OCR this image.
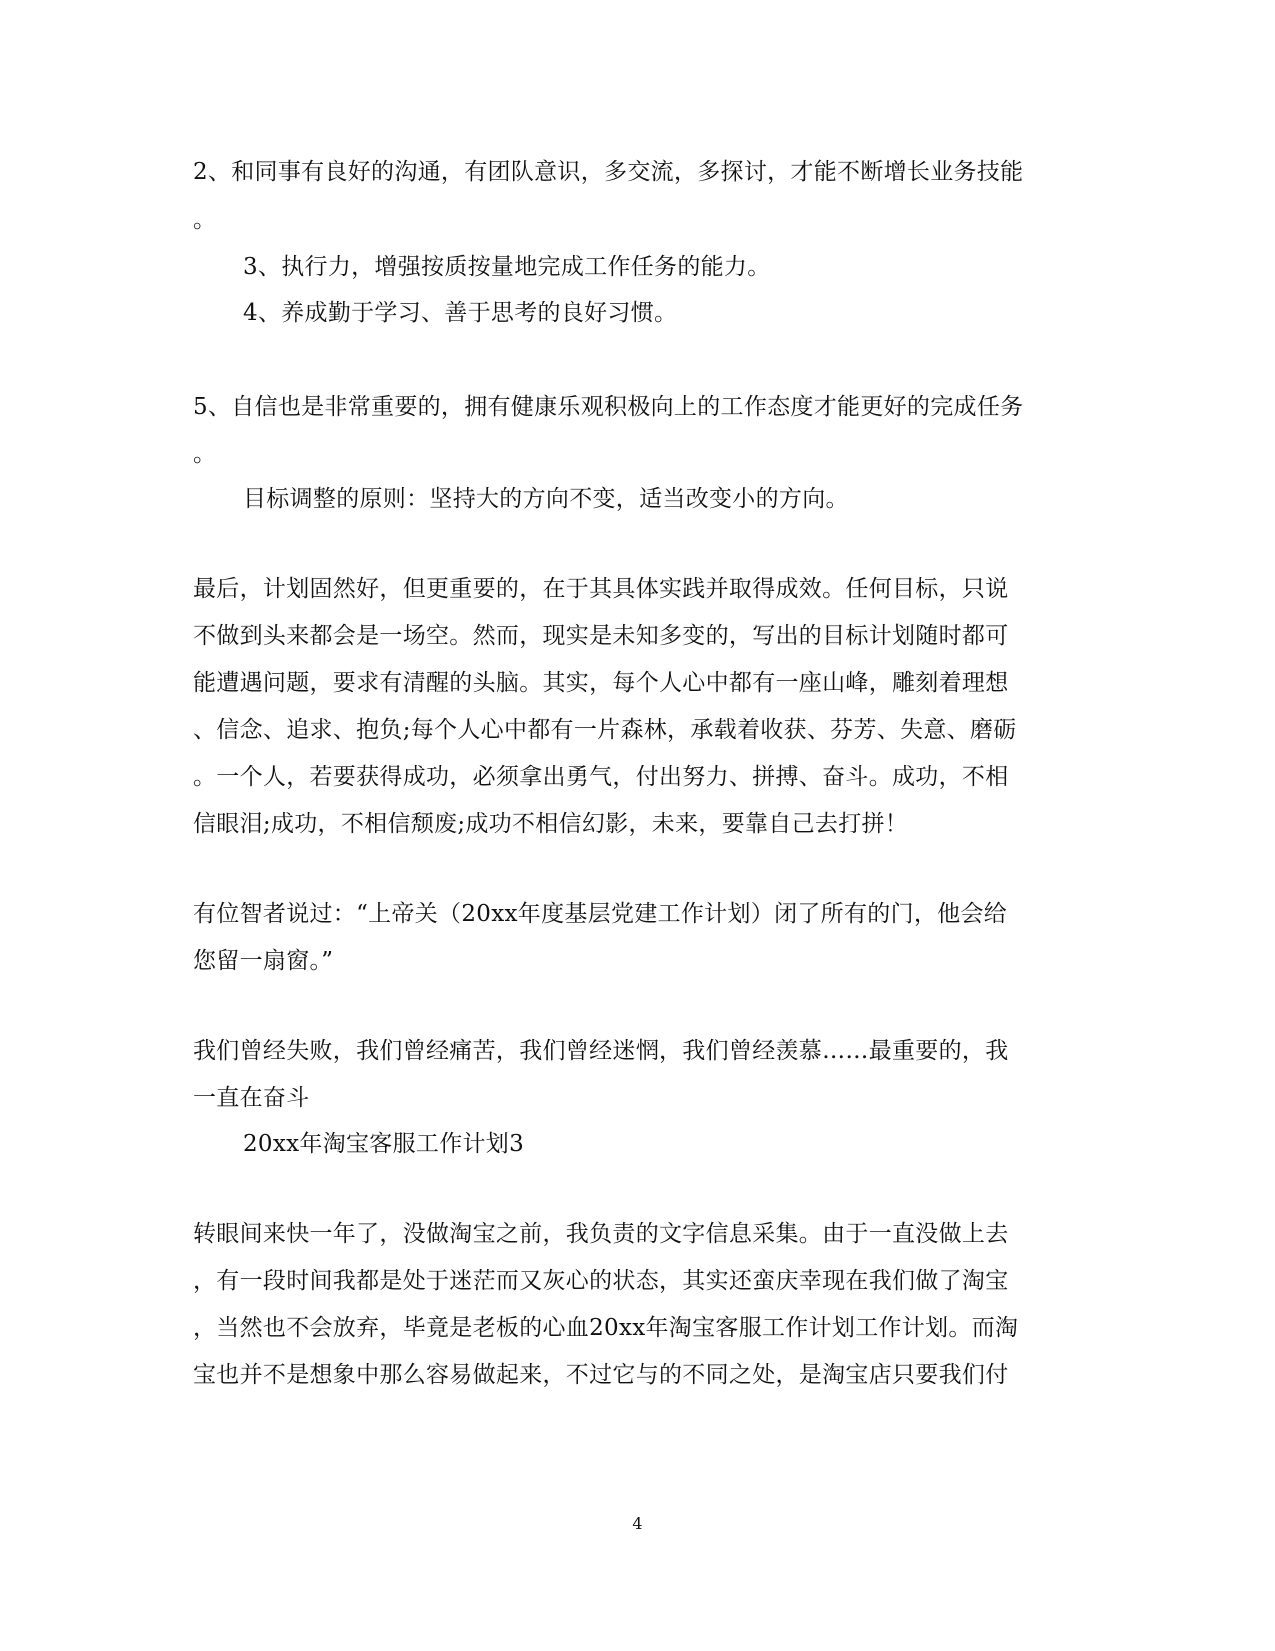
2、和同事有良好的沟通，有团队意识，多交流，多探讨，才能不断增长业务技能
。
3、执行力，增强按质按量地完成工作任务的能力。
4、养成勤于学习、善于思考的良好习惯。
5、自信也是非常重要的，拥有健康乐观积极向上的工作态度才能更好的完成任务
。
目标调整的原则：坚持大的方向不变，适当改变小的方向。
最后，计划固然好，但更重要的，在于其具体实践并取得成效。任何目标，只说
不做到头来都会是一场空。然而，现实是未知多变的，写出的目标计划随时都可
能遭遇问题，要求有清醒的头脑。其实，每个人心中都有一座山峰，雕刻着理想
、信念、追求、抱负;每个人心中都有一片森林，承载着收获、芬芳、失意、磨砺
。一个人，若要获得成功，必须拿出勇气，付出努力、拼搏、奋斗。成功，不相
信眼泪;成功，不相信颓废;成功不相信幻影，未来，要靠自己去打拼！
有位智者说过：“上帝关（20xx年度基层党建工作计划）闭了所有的门，他会给
您留一扇窗。”
我们曾经失败，我们曾经痛苦，我们曾经迷惘，我们曾经羡慕……最重要的，我
一直在奋斗
20xx年淘宝客服工作计划3
转眼间来快一年了，没做淘宝之前，我负责的文字信息采集。由于一直没做上去
，有一段时间我都是处于迷茫而又灰心的状态，其实还蛮庆幸现在我们做了淘宝
，当然也不会放弃，毕竟是老板的心血20xx年淘宝客服工作计划工作计划。而淘
宝也并不是想象中那么容易做起来，不过它与的不同之处，是淘宝店只要我们付
4
